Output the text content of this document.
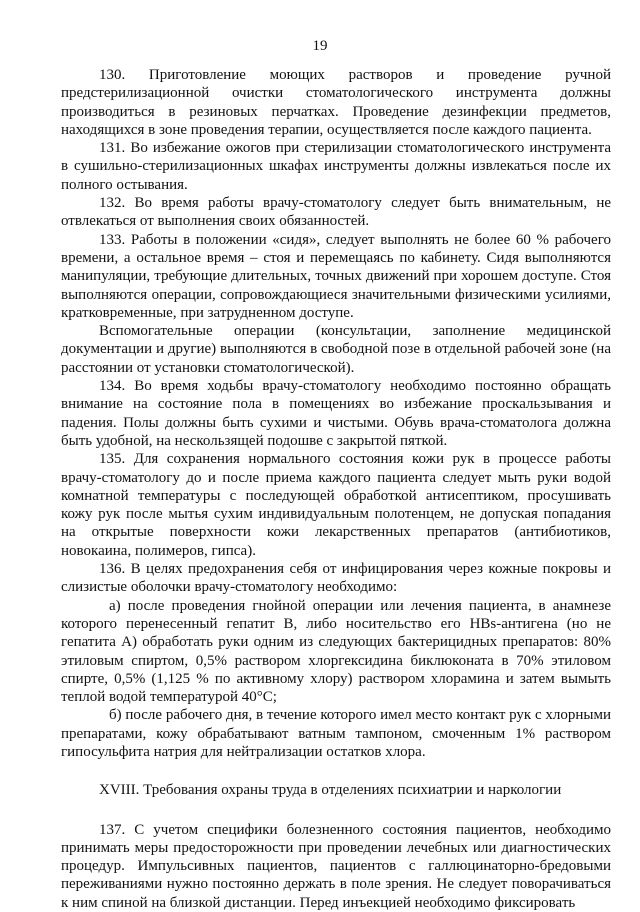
19

130. Приготовление моющих растворов и проведение ручной предстерилизационной очистки стоматологического инструмента должны производиться в резиновых перчатках. Проведение дезинфекции предметов, находящихся в зоне проведения терапии, осуществляется после каждого пациента.

131. Во избежание ожогов при стерилизации стоматологического инструмента в сушильно-стерилизационных шкафах инструменты должны извлекаться после их полного остывания.

132. Во время работы врачу-стоматологу следует быть внимательным, не отвлекаться от выполнения своих обязанностей.

133. Работы в положении «сидя», следует выполнять не более 60 % рабочего времени, а остальное время – стоя и перемещаясь по кабинету. Сидя выполняются манипуляции, требующие длительных, точных движений при хорошем доступе. Стоя выполняются операции, сопровождающиеся значительными физическими усилиями, кратковременные, при затрудненном доступе.

Вспомогательные операции (консультации, заполнение медицинской документации и другие) выполняются в свободной позе в отдельной рабочей зоне (на расстоянии от установки стоматологической).

134. Во время ходьбы врачу-стоматологу необходимо постоянно обращать внимание на состояние пола в помещениях во избежание проскальзывания и падения. Полы должны быть сухими и чистыми. Обувь врача-стоматолога должна быть удобной, на нескользящей подошве с закрытой пяткой.

135. Для сохранения нормального состояния кожи рук в процессе работы врачу-стоматологу до и после приема каждого пациента следует мыть руки водой комнатной температуры с последующей обработкой антисептиком, просушивать кожу рук после мытья сухим индивидуальным полотенцем, не допуская попадания на открытые поверхности кожи лекарственных препаратов (антибиотиков, новокаина, полимеров, гипса).

136. В целях предохранения себя от инфицирования через кожные покровы и слизистые оболочки врачу-стоматологу необходимо:

а) после проведения гнойной операции или лечения пациента, в анамнезе которого перенесенный гепатит В, либо носительство его HBs-антигена (но не гепатита А) обработать руки одним из следующих бактерицидных препаратов: 80% этиловым спиртом, 0,5% раствором хлоргексидина биклюконата в 70% этиловом спирте, 0,5% (1,125 % по активному хлору) раствором хлорамина и затем вымыть теплой водой температурой 40°С;

б) после рабочего дня, в течение которого имел место контакт рук с хлорными препаратами, кожу обрабатывают ватным тампоном, смоченным 1% раствором гипосульфита натрия для нейтрализации остатков хлора.

XVIII. Требования охраны труда в отделениях психиатрии и наркологии

137. С учетом специфики болезненного состояния пациентов, необходимо принимать меры предосторожности при проведении лечебных или диагностических процедур. Импульсивных пациентов, пациентов с галлюцинаторно-бредовыми переживаниями нужно постоянно держать в поле зрения. Не следует поворачиваться к ним спиной на близкой дистанции. Перед инъекцией необходимо фиксировать
